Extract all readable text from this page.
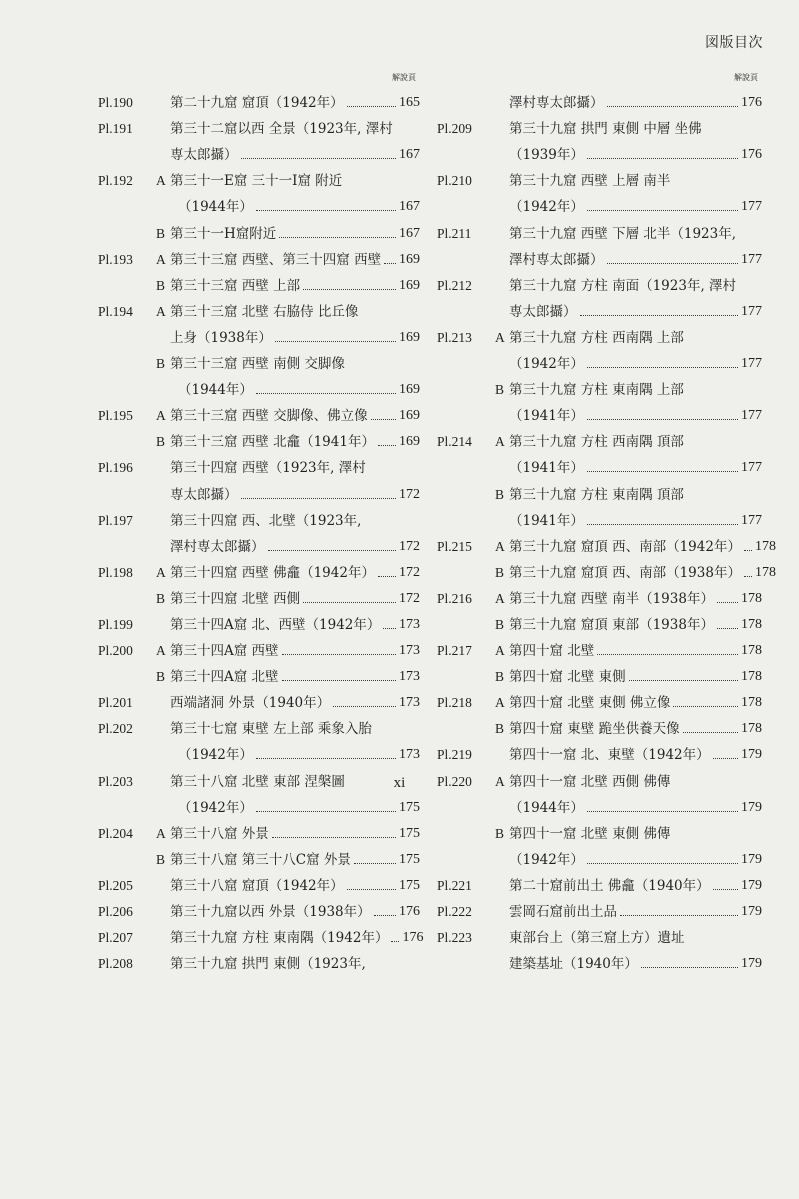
図版目次
解說頁
Pl.190	第二十九窟 窟頂（1942年）	165
Pl.191	第三十二窟以西 全景（1923年, 澤村
専太郎攝）	167
Pl.192	A 第三十一E窟 三十一I窟 附近
（1944年）	167
B 第三十一H窟附近	167
Pl.193	A 第三十三窟 西壁、第三十四窟 西壁 169
B 第三十三窟 西壁 上部	169
Pl.194	A 第三十三窟 北壁 右脇侍 比丘像
上身（1938年）	169
B 第三十三窟 西壁 南側 交脚像
（1944年）	169
Pl.195	A 第三十三窟 西壁 交脚像、佛立像 169
B 第三十三窟 西壁 北龕（1941年） 169
Pl.196	第三十四窟 西壁（1923年, 澤村
専太郎攝）	172
Pl.197	第三十四窟 西、北壁（1923年,
澤村専太郎攝）	172
Pl.198	A 第三十四窟 西壁 佛龕（1942年） 172
B 第三十四窟 北壁 西側	172
Pl.199	第三十四A窟 北、西壁（1942年） 173
Pl.200	A 第三十四A窟 西壁	173
B 第三十四A窟 北壁	173
Pl.201	西端諸洞 外景（1940年）	173
Pl.202	第三十七窟 東壁 左上部 乘象入胎
（1942年）	173
Pl.203	第三十八窟 北壁 東部 涅槃圖
（1942年）	175
Pl.204	A 第三十八窟 外景	175
B 第三十八窟 第三十八C窟 外景	175
Pl.205	第三十八窟 窟頂（1942年）	175
Pl.206	第三十九窟以西 外景（1938年） 176
Pl.207	第三十九窟 方柱 東南隅（1942年） 176
Pl.208	第三十九窟 拱門 東側（1923年,
解說頁
澤村専太郎攝）	176
Pl.209	第三十九窟 拱門 東側 中層 坐佛
（1939年）	176
Pl.210	第三十九窟 西壁 上層 南半
（1942年）	177
Pl.211	第三十九窟 西壁 下層 北半（1923年,
澤村専太郎攝）	177
Pl.212	第三十九窟 方柱 南面（1923年, 澤村
専太郎攝）	177
Pl.213	A 第三十九窟 方柱 西南隅 上部
（1942年）	177
B 第三十九窟 方柱 東南隅 上部
（1941年）	177
Pl.214	A 第三十九窟 方柱 西南隅 頂部
（1941年）	177
B 第三十九窟 方柱 東南隅 頂部
（1941年）	177
Pl.215	A 第三十九窟 窟頂 西、南部（1942年） 178
B 第三十九窟 窟頂 西、南部（1938年） 178
Pl.216	A 第三十九窟 西壁 南半（1938年） 178
B 第三十九窟 窟頂 東部（1938年） 178
Pl.217	A 第四十窟 北壁	178
B 第四十窟 北壁 東側	178
Pl.218	A 第四十窟 北壁 東側 佛立像	178
B 第四十窟 東壁 跪坐供養天像	178
Pl.219	第四十一窟 北、東壁（1942年） 179
Pl.220	A 第四十一窟 北壁 西側 佛傳
（1944年）	179
B 第四十一窟 北壁 東側 佛傳
（1942年）	179
Pl.221	第二十窟前出土 佛龕（1940年） 179
Pl.222	雲岡石窟前出土品	179
Pl.223	東部台上（第三窟上方）遺址
建築基址（1940年）	179
xi
